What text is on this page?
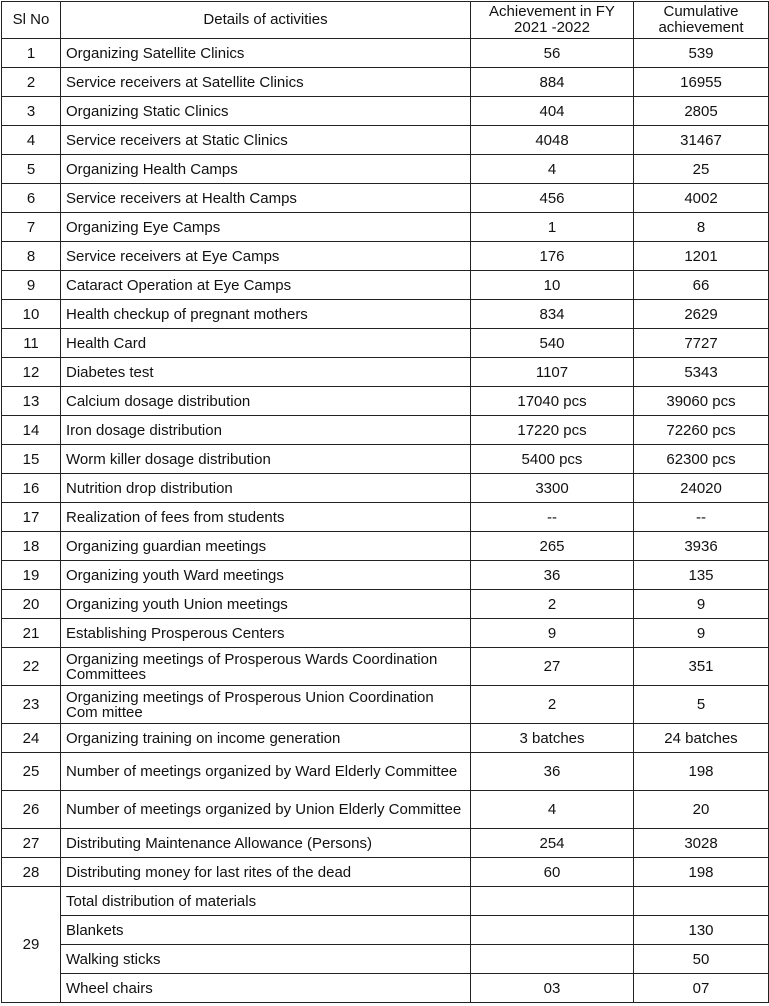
Sl No	Details of activities	Achievement in FY 2021 -2022	Cumulative achievement
1	Organizing Satellite Clinics	56	539
2	Service receivers at Satellite Clinics	884	16955
3	Organizing Static Clinics	404	2805
4	Service receivers at Static Clinics	4048	31467
5	Organizing Health Camps	4	25
6	Service receivers at Health Camps	456	4002
7	Organizing Eye Camps	1	8
8	Service receivers at Eye Camps	176	1201
9	Cataract Operation at Eye Camps	10	66
10	Health checkup of pregnant mothers	834	2629
11	Health Card	540	7727
12	Diabetes test	1107	5343
13	Calcium dosage distribution	17040 pcs	39060 pcs
14	Iron dosage distribution	17220 pcs	72260 pcs
15	Worm killer dosage distribution	5400 pcs	62300 pcs
16	Nutrition drop distribution	3300	24020
17	Realization of fees from students	--	--
18	Organizing guardian meetings	265	3936
19	Organizing youth Ward meetings	36	135
20	Organizing youth Union meetings	2	9
21	Establishing Prosperous Centers	9	9
22	Organizing meetings of Prosperous Wards Coordination Committees	27	351
23	Organizing meetings of Prosperous Union Coordination Com mittee	2	5
24	Organizing training on income generation	3 batches	24 batches
25	Number of meetings organized by Ward Elderly Committee	36	198
26	Number of meetings organized by Union Elderly Committee	4	20
27	Distributing Maintenance Allowance (Persons)	254	3028
28	Distributing money for last rites of the dead	60	198
29	Total distribution of materials		
	Blankets		130
	Walking sticks		50
	Wheel chairs	03	07
